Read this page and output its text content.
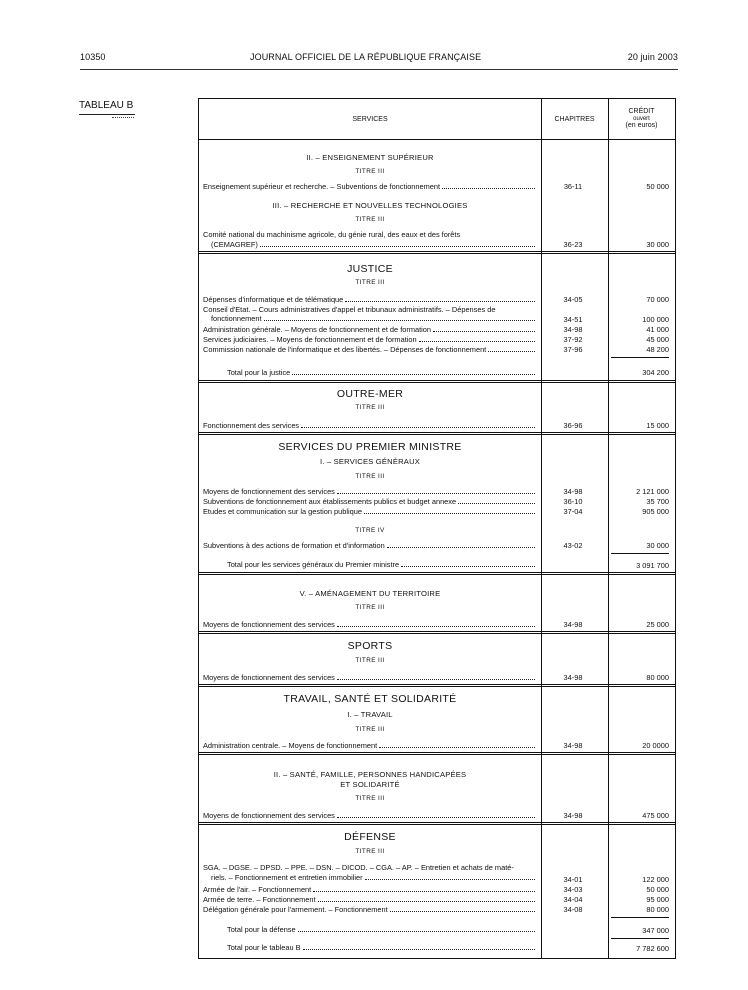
10350	JOURNAL OFFICIEL DE LA RÉPUBLIQUE FRANÇAISE	20 juin 2003
TABLEAU B
SERVICES	CHAPITRES
CRÉDIT
ouvert
(en euros)
II. – ENSEIGNEMENT SUPÉRIEUR
TITRE III
Enseignement supérieur et recherche. – Subventions de fonctionnement	36-11	50 000
III. – RECHERCHE ET NOUVELLES TECHNOLOGIES
TITRE III
Comité national du machinisme agricole, du génie rural, des eaux et des forêts
(CEMAGREF)	36-23	30 000
JUSTICE
TITRE III
Dépenses d'informatique et de télématique	34-05	70 000
Conseil d'Etat. – Cours administratives d'appel et tribunaux administratifs. – Dépenses de
fonctionnement	34-51	100 000
Administration générale. – Moyens de fonctionnement et de formation	34-98	41 000
Services judiciaires. – Moyens de fonctionnement et de formation	37-92	45 000
Commission nationale de l'informatique et des libertés. – Dépenses de fonctionnement	37-96	48 200
Total pour la justice	304 200
OUTRE-MER
TITRE III
Fonctionnement des services	36-96	15 000
SERVICES DU PREMIER MINISTRE
I. – SERVICES GÉNÉRAUX
TITRE III
Moyens de fonctionnement des services	34-98	2 121 000
Subventions de fonctionnement aux établissements publics et budget annexe	36-10	35 700
Etudes et communication sur la gestion publique	37-04	905 000
TITRE IV
Subventions à des actions de formation et d'information	43-02	30 000
Total pour les services généraux du Premier ministre	3 091 700
V. – AMÉNAGEMENT DU TERRITOIRE
TITRE III
Moyens de fonctionnement des services	34-98	25 000
SPORTS
TITRE III
Moyens de fonctionnement des services	34-98	80 000
TRAVAIL, SANTÉ ET SOLIDARITÉ
I. – TRAVAIL
TITRE III
Administration centrale. – Moyens de fonctionnement	34-98	20 0000
II. – SANTÉ, FAMILLE, PERSONNES HANDICAPÉES
ET SOLIDARITÉ
TITRE III
Moyens de fonctionnement des services	34-98	475 000
DÉFENSE
TITRE III
SGA. – DGSE. – DPSD. – PPE. – DSN. – DICOD. – CGA. – AP. – Entretien et achats de maté-
riels. – Fonctionnement et entretien immobilier	34-01	122 000
Armée de l'air. – Fonctionnement	34-03	50 000
Armée de terre. – Fonctionnement	34-04	95 000
Délégation générale pour l'armement. – Fonctionnement	34-08	80 000
Total pour la défense	347 000
Total pour le tableau B	7 782 600
